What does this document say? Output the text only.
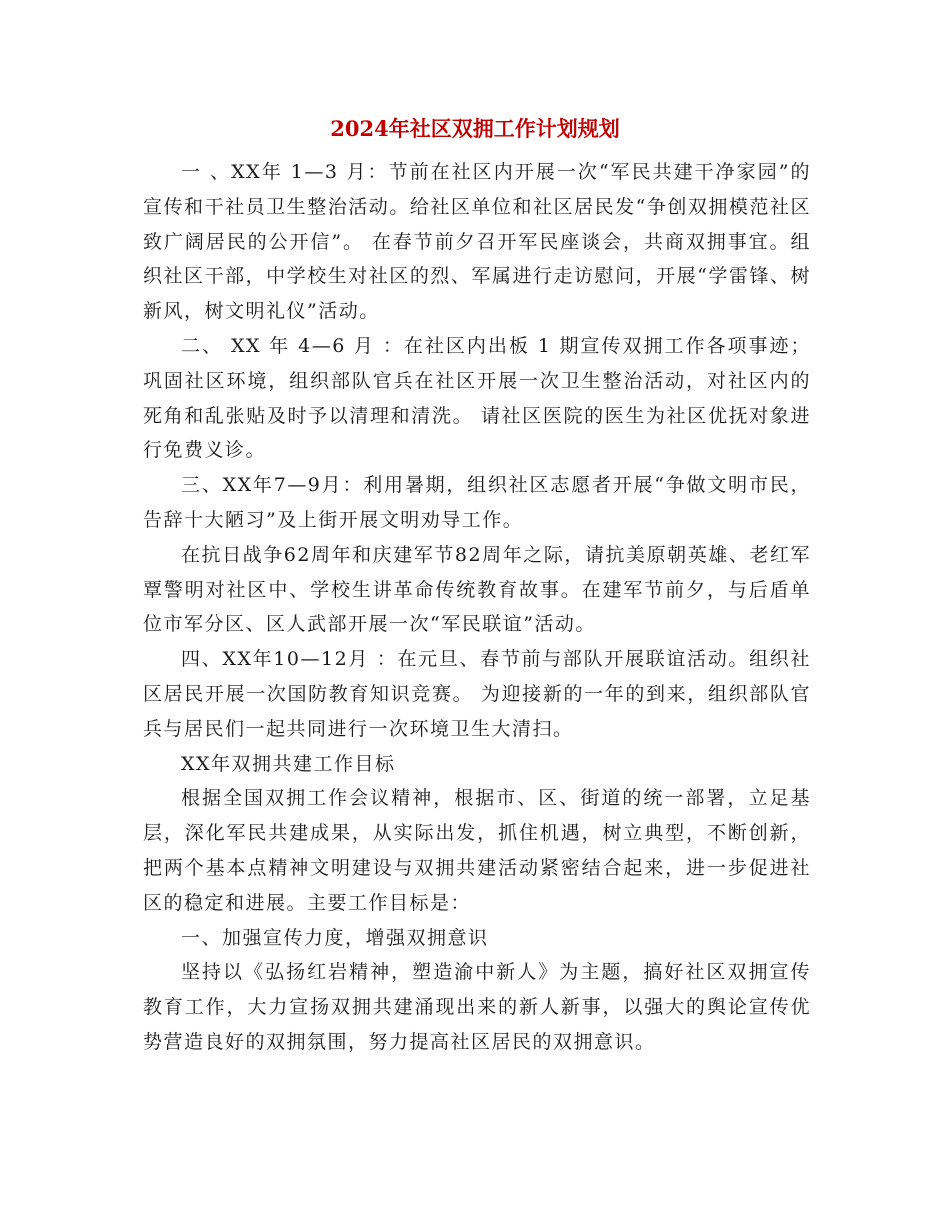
2024年社区双拥工作计划规划

一 、XX年 1—3 月：节前在社区内开展一次“军民共建干净家园”的宣传和干社员卫生整治活动。给社区单位和社区居民发“争创双拥模范社区致广阔居民的公开信”。 在春节前夕召开军民座谈会，共商双拥事宜。组织社区干部，中学校生对社区的烈、军属进行走访慰问，开展“学雷锋、树新风，树文明礼仪”活动。

二、 XX 年 4—6 月 ：在社区内出板 1 期宣传双拥工作各项事迹； 巩固社区环境，组织部队官兵在社区开展一次卫生整治活动，对社区内的死角和乱张贴及时予以清理和清洗。 请社区医院的医生为社区优抚对象进行免费义诊。

三、XX年7—9月：利用暑期，组织社区志愿者开展“争做文明市民，告辞十大陋习”及上街开展文明劝导工作。

在抗日战争62周年和庆建军节82周年之际，请抗美原朝英雄、老红军覃警明对社区中、学校生讲革命传统教育故事。在建军节前夕，与后盾单位市军分区、区人武部开展一次“军民联谊”活动。

四、XX年10—12月 ：在元旦、春节前与部队开展联谊活动。组织社区居民开展一次国防教育知识竞赛。 为迎接新的一年的到来，组织部队官兵与居民们一起共同进行一次环境卫生大清扫。

XX年双拥共建工作目标

根据全国双拥工作会议精神，根据市、区、街道的统一部署，立足基层，深化军民共建成果，从实际出发，抓住机遇，树立典型，不断创新，把两个基本点精神文明建设与双拥共建活动紧密结合起来，进一步促进社区的稳定和进展。主要工作目标是：

一、加强宣传力度，增强双拥意识

坚持以《弘扬红岩精神，塑造渝中新人》为主题，搞好社区双拥宣传教育工作，大力宣扬双拥共建涌现出来的新人新事，以强大的舆论宣传优势营造良好的双拥氛围，努力提高社区居民的双拥意识。
